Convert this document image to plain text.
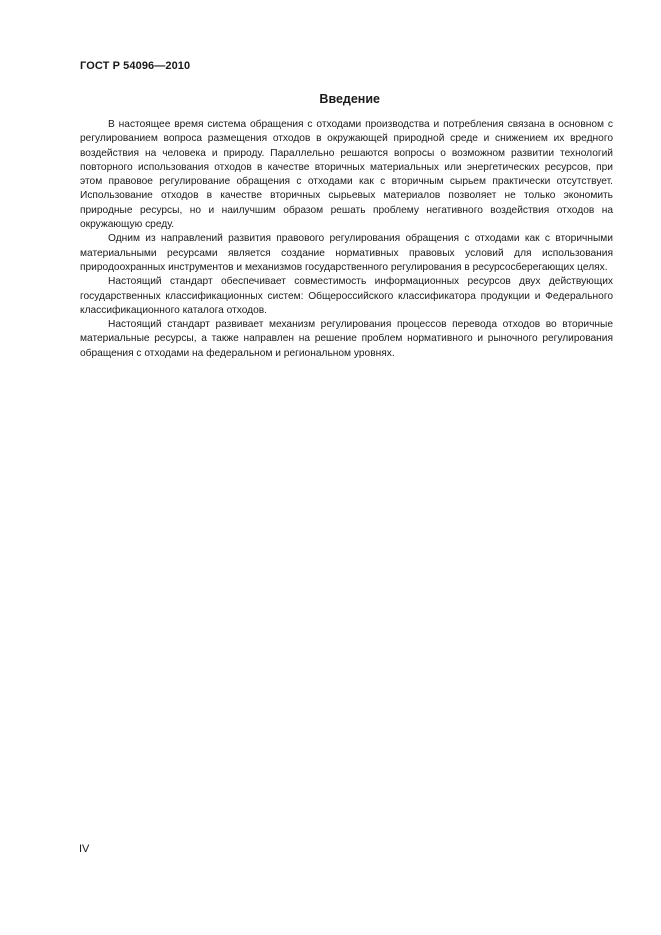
ГОСТ Р 54096—2010
Введение

В настоящее время система обращения с отходами производства и потребления связана в основном с регулированием вопроса размещения отходов в окружающей природной среде и снижением их вредного воздействия на человека и природу. Параллельно решаются вопросы о возможном развитии технологий повторного использования отходов в качестве вторичных материальных или энергетических ресурсов, при этом правовое регулирование обращения с отходами как с вторичным сырьем практически отсутствует. Использование отходов в качестве вторичных сырьевых материалов позволяет не только экономить природные ресурсы, но и наилучшим образом решать проблему негативного воздействия отходов на окружающую среду.

Одним из направлений развития правового регулирования обращения с отходами как с вторичными материальными ресурсами является создание нормативных правовых условий для использования природоохранных инструментов и механизмов государственного регулирования в ресурсосберегающих целях.

Настоящий стандарт обеспечивает совместимость информационных ресурсов двух действующих государственных классификационных систем: Общероссийского классификатора продукции и Федерального классификационного каталога отходов.

Настоящий стандарт развивает механизм регулирования процессов перевода отходов во вторичные материальные ресурсы, а также направлен на решение проблем нормативного и рыночного регулирования обращения с отходами на федеральном и региональном уровнях.

IV
